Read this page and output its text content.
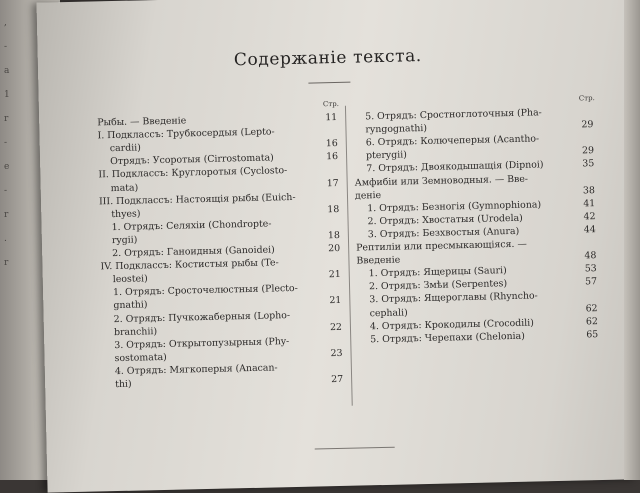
,
-
a
1
r
-
e
-
r
.
r
Содержаніе текста.
Стр.
Рыбы. — Введеніе	11
I. Подклассъ: Трубкосердыя (Lepto-
cardii)	16
Отрядъ: Усоротыя (Cirrostomata)	16
II. Подклассъ: Круглоротыя (Cyclosto-
mata)	17
III. Подклассъ: Настоящія рыбы (Euich-
thyes)	18
1. Отрядъ: Селяхіи (Chondropte-
rygii)	18
2. Отрядъ: Ганоидныя (Ganoidei)	20
IV. Подклассъ: Костистыя рыбы (Te-
leostei)	21
1. Отрядъ: Сросточелюстныя (Plecto-
gnathi)	21
2. Отрядъ: Пучкожаберныя (Lopho-
branchii)	22
3. Отрядъ: Открытопузырныя (Phy-
sostomata)	23
4. Отрядъ: Мягкоперыя (Anacan-
thi)	27
Стр.
5. Отрядъ: Сростноглоточныя (Pha-
ryngognathi)	29
6. Отрядъ: Колючеперыя (Acantho-
pterygii)	29
7. Отрядъ: Двоякодышащія (Dipnoi)	35
Амфибіи или Земноводныя. — Вве-
деніе	38
1. Отрядъ: Безногія (Gymnophiona)	41
2. Отрядъ: Хвостатыя (Urodela)	42
3. Отрядъ: Безхвостыя (Anura)	44
Рептиліи или пресмыкающіяся. —
Введеніе	48
1. Отрядъ: Ящерицы (Sauri)	53
2. Отрядъ: Змѣи (Serpentes)	57
3. Отрядъ: Ящероглавы (Rhyncho-
cephali)	62
4. Отрядъ: Крокодилы (Crocodili)	62
5. Отрядъ: Черепахи (Chelonia)	65
